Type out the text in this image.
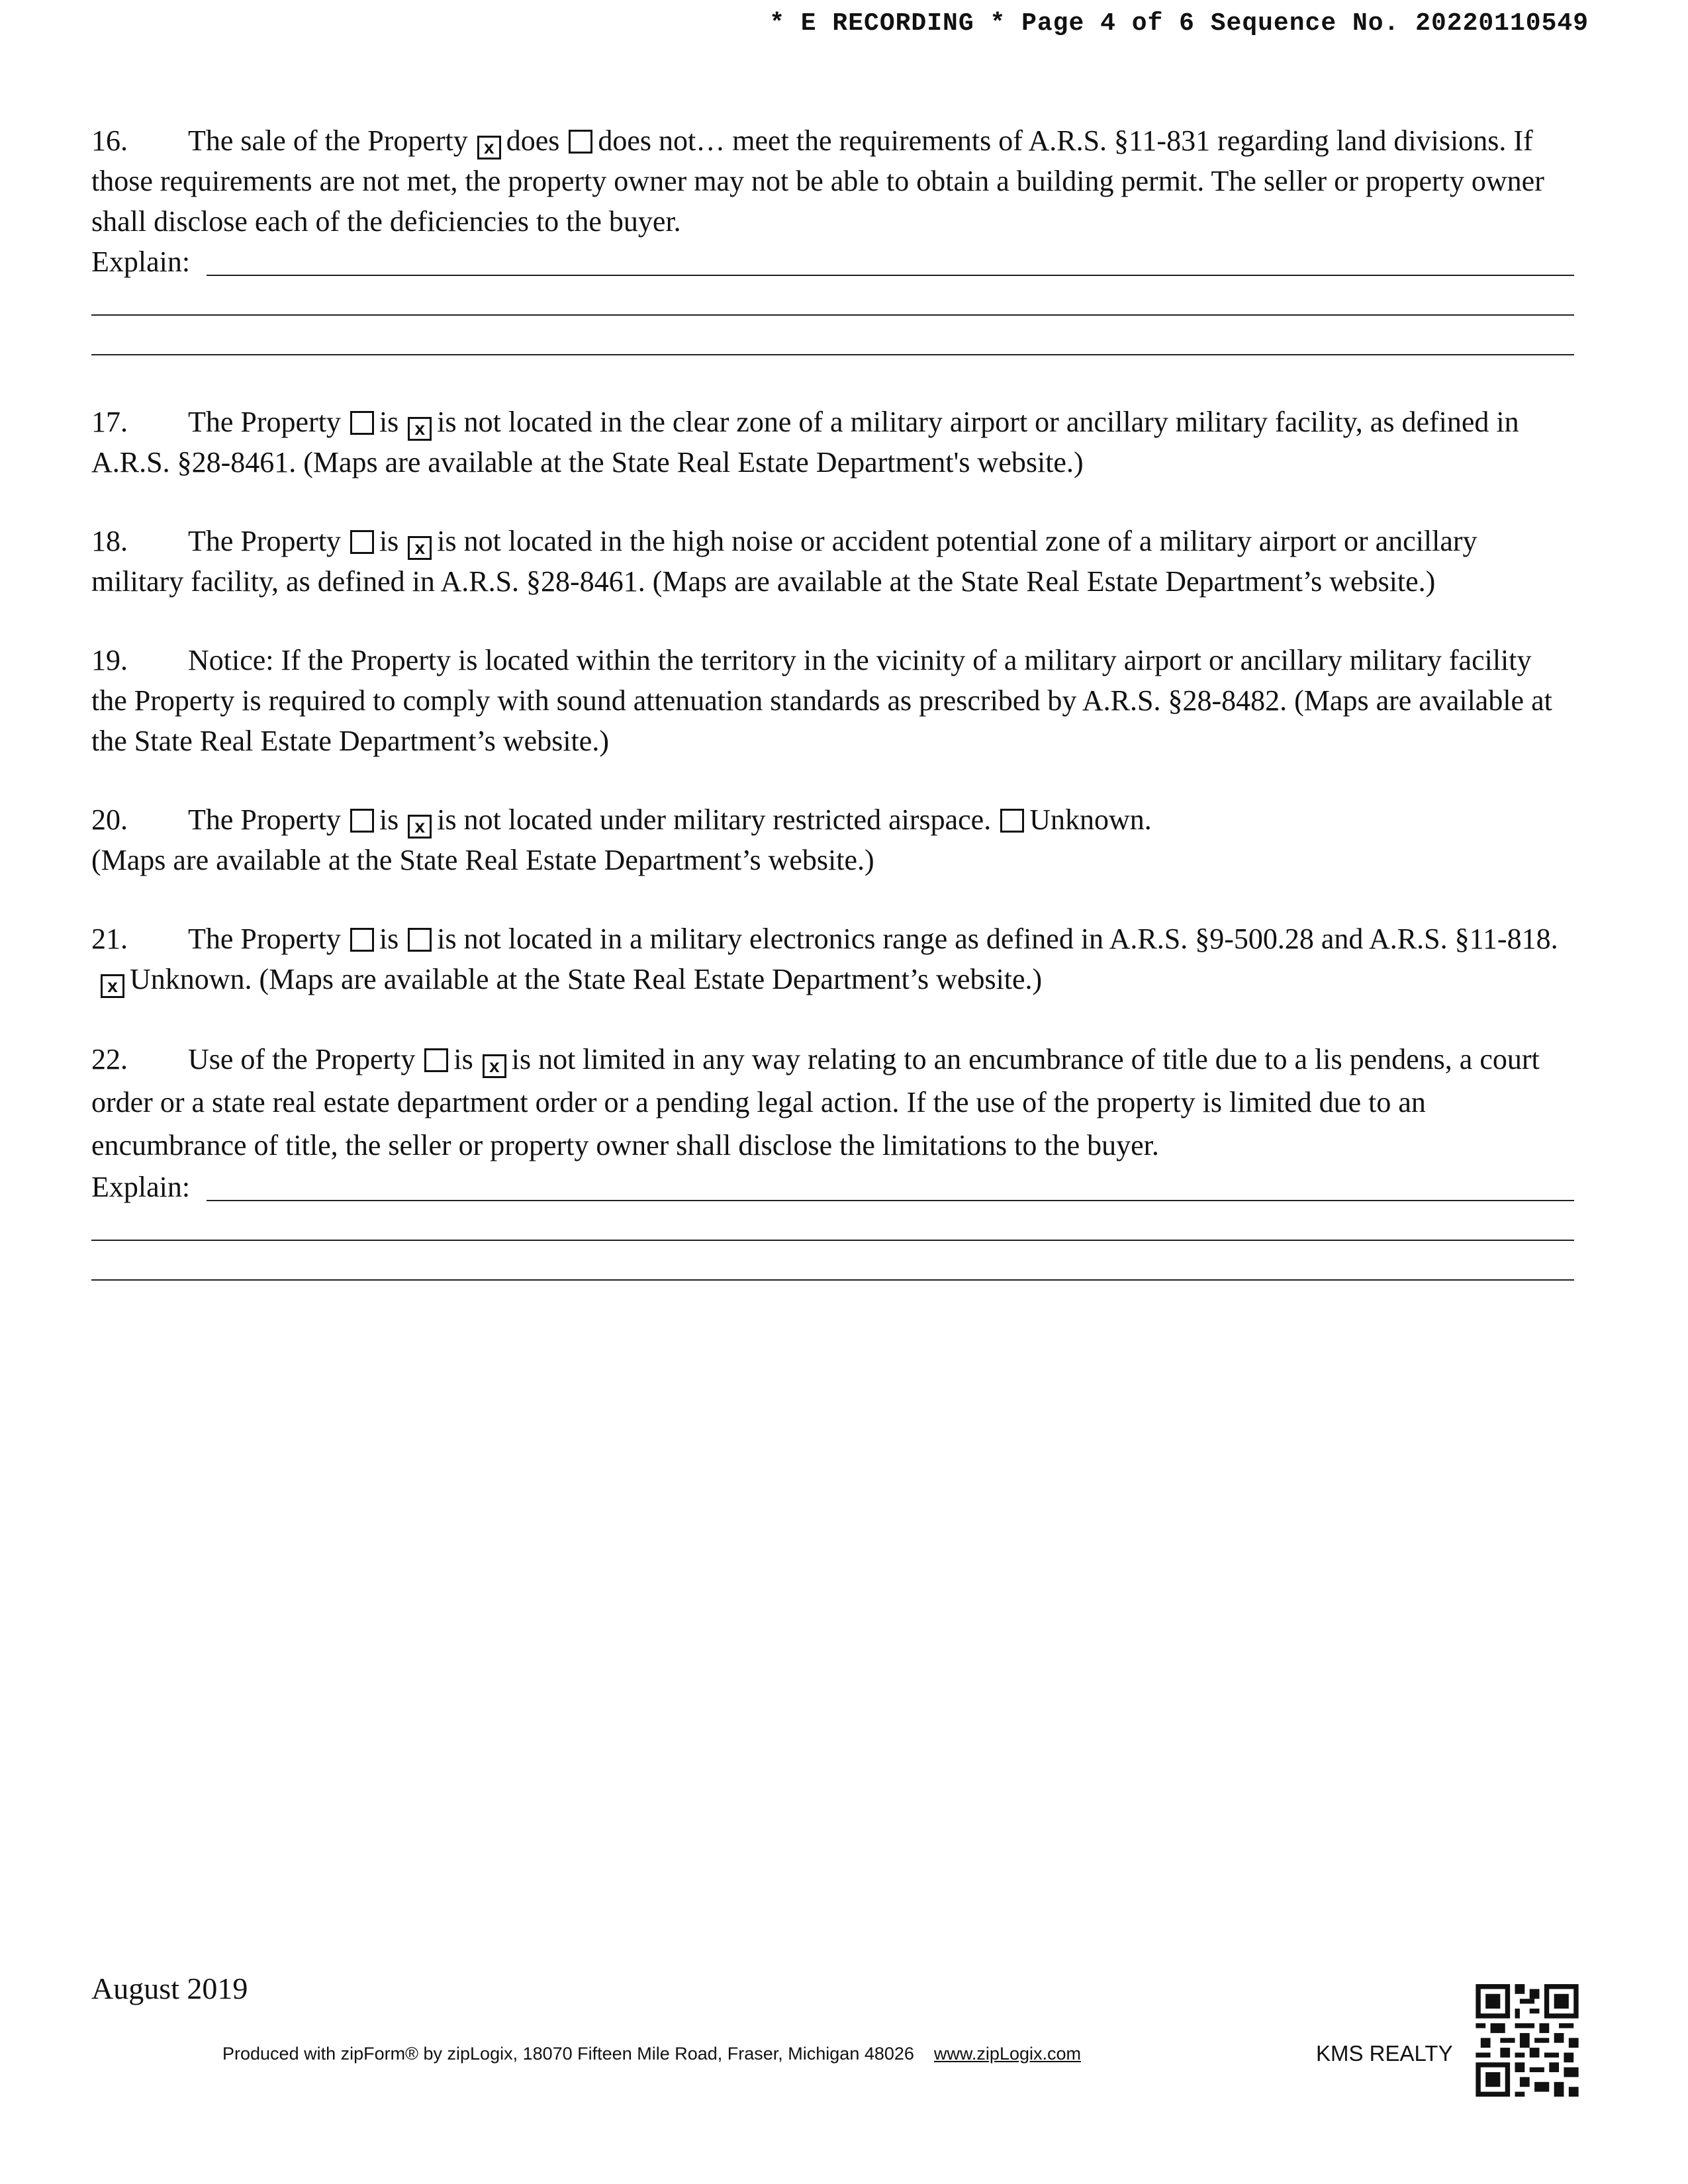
* E RECORDING * Page 4 of 6 Sequence No. 20220110549

16. The sale of the Property x does does not… meet the requirements of A.R.S. §11-831 regarding land divisions. If those requirements are not met, the property owner may not be able to obtain a building permit. The seller or property owner shall disclose each of the deficiencies to the buyer.

Explain:

17. The Property is x is not located in the clear zone of a military airport or ancillary military facility, as defined in A.R.S. §28-8461. (Maps are available at the State Real Estate Department's website.)

18. The Property is x is not located in the high noise or accident potential zone of a military airport or ancillary military facility, as defined in A.R.S. §28-8461. (Maps are available at the State Real Estate Department’s website.)

19. Notice: If the Property is located within the territory in the vicinity of a military airport or ancillary military facility the Property is required to comply with sound attenuation standards as prescribed by A.R.S. §28-8482. (Maps are available at the State Real Estate Department’s website.)

20. The Property is x is not located under military restricted airspace. Unknown.
(Maps are available at the State Real Estate Department’s website.)

21. The Property is is not located in a military electronics range as defined in A.R.S. §9-500.28 and A.R.S. §11-818.x Unknown. (Maps are available at the State Real Estate Department’s website.)

22. Use of the Property is x is not limited in any way relating to an encumbrance of title due to a lis pendens, a court order or a state real estate department order or a pending legal action. If the use of the property is limited due to an encumbrance of title, the seller or property owner shall disclose the limitations to the buyer.

Explain:
August 2019
Produced with zipForm® by zipLogix, 18070 Fifteen Mile Road, Fraser, Michigan 48026 www.zipLogix.com	KMS REALTY
